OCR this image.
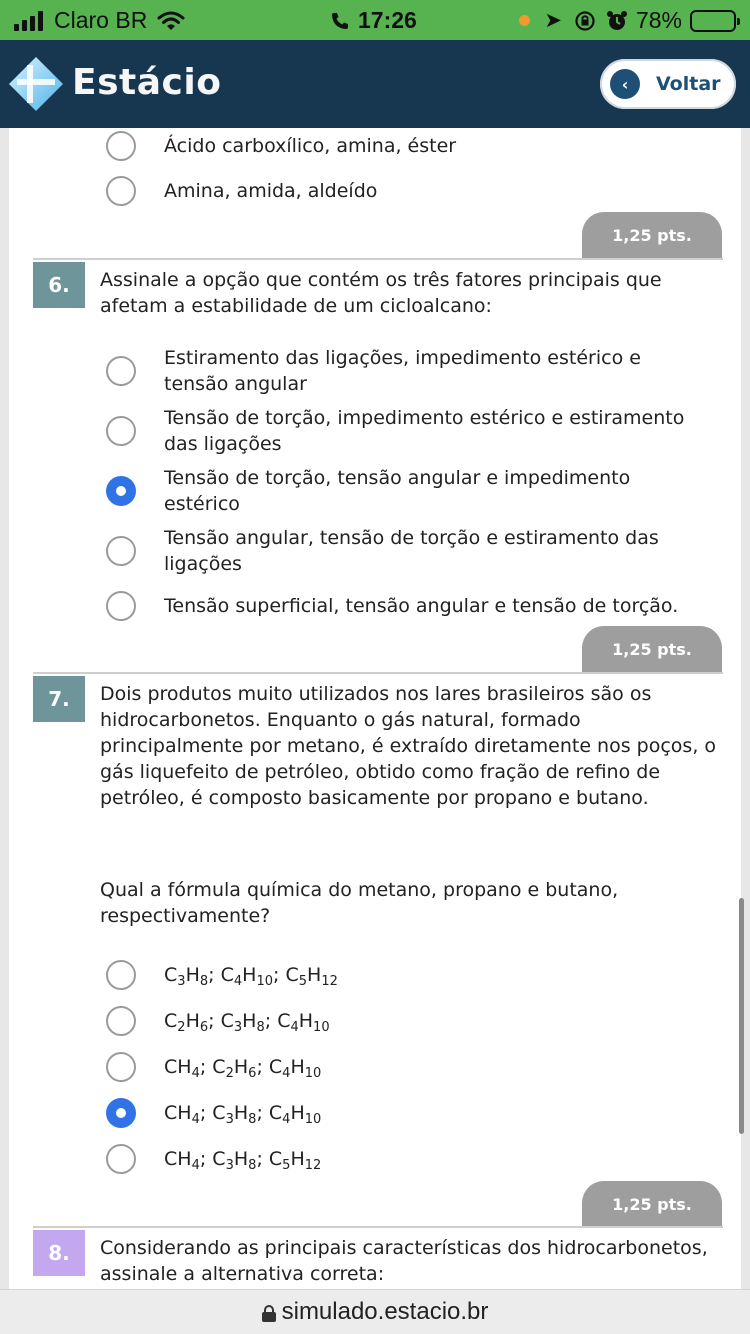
Claro BR	17:26	➤	78%
Estácio	‹	Voltar
Ácido carboxílico, amina, éster
Amina, amida, aldeído
1,25 pts.
6.	Assinale a opção que contém os três fatores principais que afetam a estabilidade de um cicloalcano:
Estiramento das ligações, impedimento estérico e tensão angular
Tensão de torção, impedimento estérico e estiramento das ligações
Tensão de torção, tensão angular e impedimento estérico
Tensão angular, tensão de torção e estiramento das ligações
Tensão superficial, tensão angular e tensão de torção.
1,25 pts.
7.	Dois produtos muito utilizados nos lares brasileiros são os hidrocarbonetos. Enquanto o gás natural, formado principalmente por metano, é extraído diretamente nos poços, o gás liquefeito de petróleo, obtido como fração de refino de petróleo, é composto basicamente por propano e butano.
Qual a fórmula química do metano, propano e butano, respectivamente?
$C_3H_8$; $C_4H_{10}$; $C_5H_{12}$
$C_2H_6$; $C_3H_8$; $C_4H_{10}$
$CH_4$; $C_2H_6$; $C_4H_{10}$
$CH_4$; $C_3H_8$; $C_4H_{10}$
$CH_4$; $C_3H_8$; $C_5H_{12}$
1,25 pts.
8.	Considerando as principais características dos hidrocarbonetos, assinale a alternativa correta:
simulado.estacio.br
